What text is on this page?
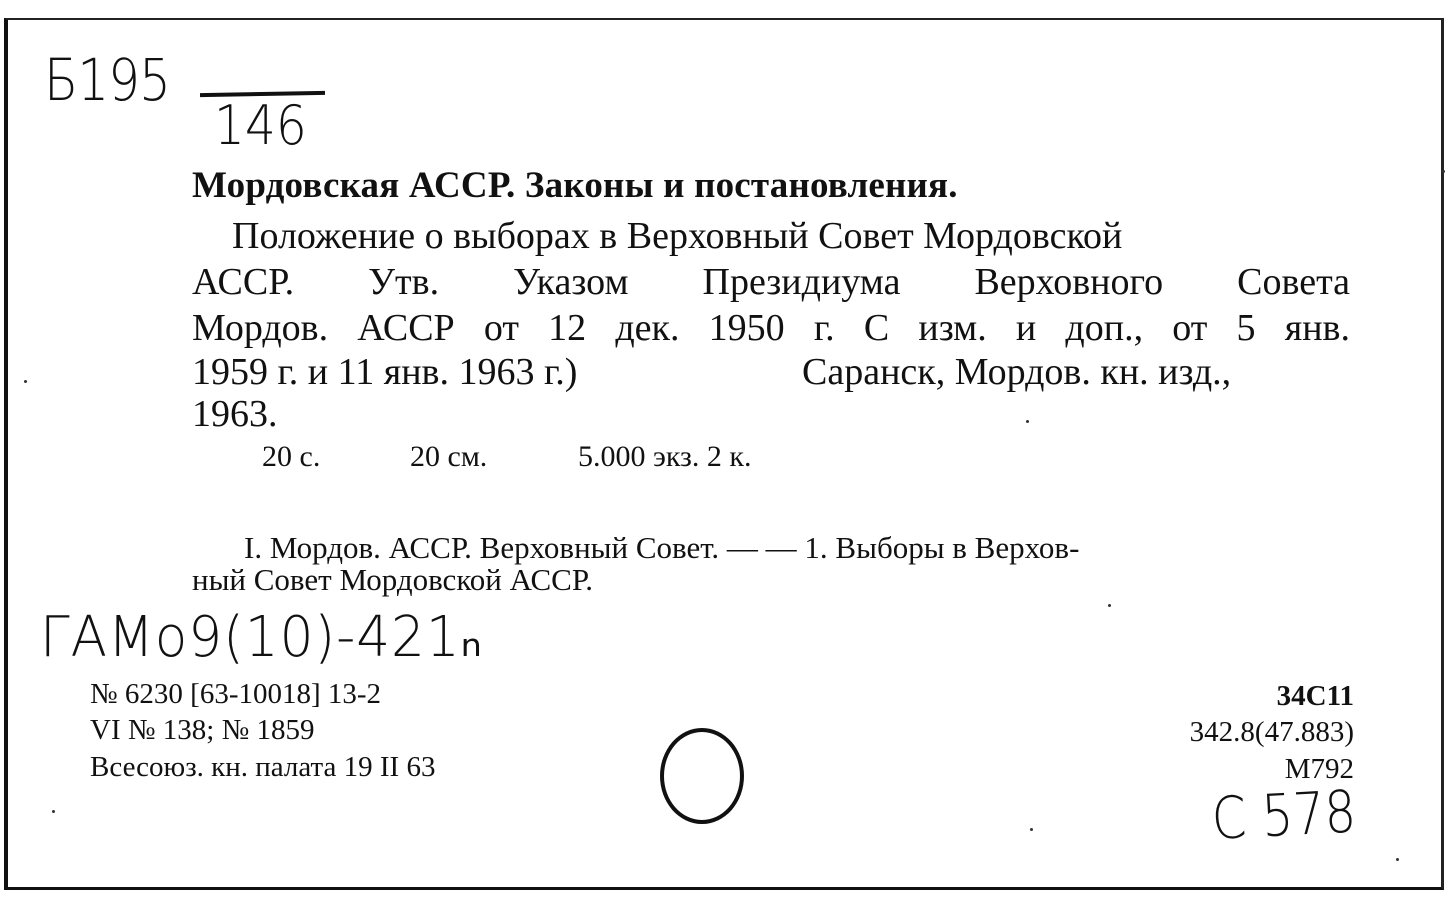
Б195
146
Мордовская АССР. Законы и постановления.
Положение о выборах в Верховный Совет Мордовской
АССР. Утв. Указом Президиума Верховного Совета
Мордов. АССР от 12 дек. 1950 г. С изм. и доп., от 5 янв.
1959 г. и 11 янв. 1963 г.)	Саранск, Мордов. кн. изд.,
1963.
20 с.	20 см.	5.000 экз. 2 к.
I. Мордов. АССР. Верховный Совет. — — 1. Выборы в Верхов-
ный Совет Мордовской АССР.
ГАМо9(10)-421ₙ
№ 6230 [63-10018] 13-2
VI № 138; № 1859
Всесоюз. кн. палата 19 II 63
34С11
342.8(47.883)
М792
С 578
